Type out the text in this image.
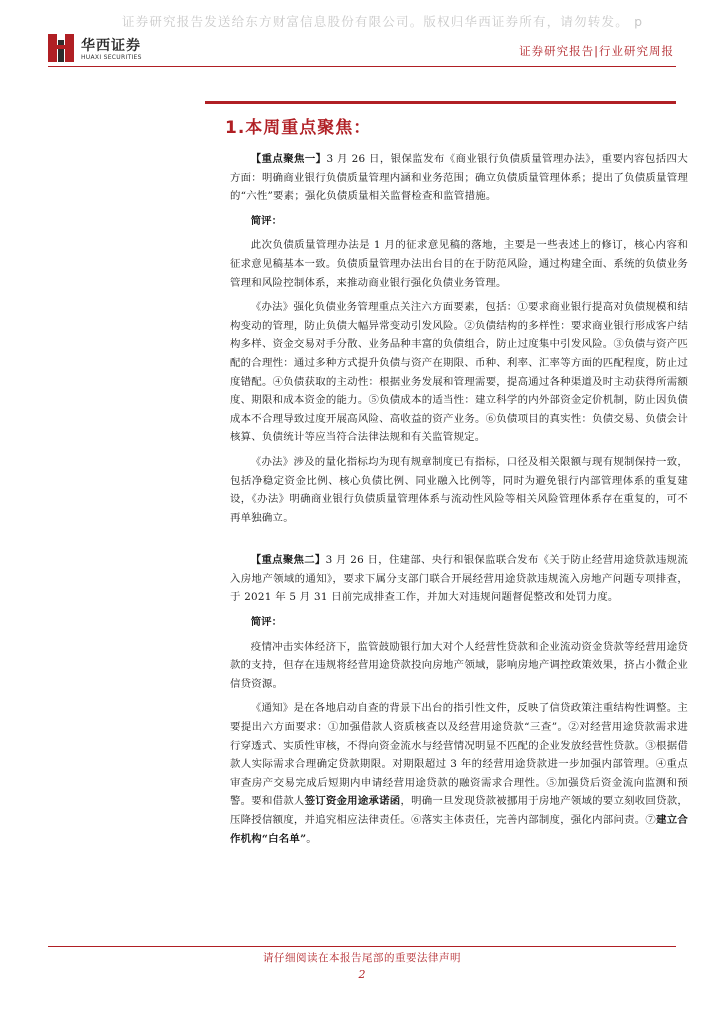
证券研究报告发送给东方财富信息股份有限公司。版权归华西证券所有，请勿转发。 p
华西证券
HUAXI SECURITIES	证券研究报告|行业研究周报
1.本周重点聚焦：

【重点聚焦一】3 月 26 日，银保监发布《商业银行负债质量管理办法》，重要内容包括四大方面：明确商业银行负债质量管理内涵和业务范围；确立负债质量管理体系；提出了负债质量管理的“六性”要素；强化负债质量相关监督检查和监管措施。

简评：

此次负债质量管理办法是 1 月的征求意见稿的落地，主要是一些表述上的修订，核心内容和征求意见稿基本一致。负债质量管理办法出台目的在于防范风险，通过构建全面、系统的负债业务管理和风险控制体系，来推动商业银行强化负债业务管理。

《办法》强化负债业务管理重点关注六方面要素，包括：①要求商业银行提高对负债规模和结构变动的管理，防止负债大幅异常变动引发风险。②负债结构的多样性：要求商业银行形成客户结构多样、资金交易对手分散、业务品种丰富的负债组合，防止过度集中引发风险。③负债与资产匹配的合理性：通过多种方式提升负债与资产在期限、币种、利率、汇率等方面的匹配程度，防止过度错配。④负债获取的主动性：根据业务发展和管理需要，提高通过各种渠道及时主动获得所需额度、期限和成本资金的能力。⑤负债成本的适当性：建立科学的内外部资金定价机制，防止因负债成本不合理导致过度开展高风险、高收益的资产业务。⑥负债项目的真实性：负债交易、负债会计核算、负债统计等应当符合法律法规和有关监管规定。

《办法》涉及的量化指标均为现有规章制度已有指标，口径及相关限额与现有规制保持一致，包括净稳定资金比例、核心负债比例、同业融入比例等，同时为避免银行内部管理体系的重复建设，《办法》明确商业银行负债质量管理体系与流动性风险等相关风险管理体系存在重复的，可不再单独确立。

【重点聚焦二】3 月 26 日，住建部、央行和银保监联合发布《关于防止经营用途贷款违规流入房地产领域的通知》，要求下属分支部门联合开展经营用途贷款违规流入房地产问题专项排查，于 2021 年 5 月 31 日前完成排查工作，并加大对违规问题督促整改和处罚力度。

简评：

疫情冲击实体经济下，监管鼓励银行加大对个人经营性贷款和企业流动资金贷款等经营用途贷款的支持，但存在违规将经营用途贷款投向房地产领域，影响房地产调控政策效果，挤占小微企业信贷资源。

《通知》是在各地启动自查的背景下出台的指引性文件，反映了信贷政策注重结构性调整。主要提出六方面要求：①加强借款人资质核查以及经营用途贷款“三查”。②对经营用途贷款需求进行穿透式、实质性审核，不得向资金流水与经营情况明显不匹配的企业发放经营性贷款。③根据借款人实际需求合理确定贷款期限。对期限超过 3 年的经营用途贷款进一步加强内部管理。④重点审查房产交易完成后短期内申请经营用途贷款的融资需求合理性。⑤加强贷后资金流向监测和预警。要和借款人签订资金用途承诺函，明确一旦发现贷款被挪用于房地产领域的要立刻收回贷款，压降授信额度，并追究相应法律责任。⑥落实主体责任，完善内部制度，强化内部问责。⑦建立合作机构“白名单”。

请仔细阅读在本报告尾部的重要法律声明
2
